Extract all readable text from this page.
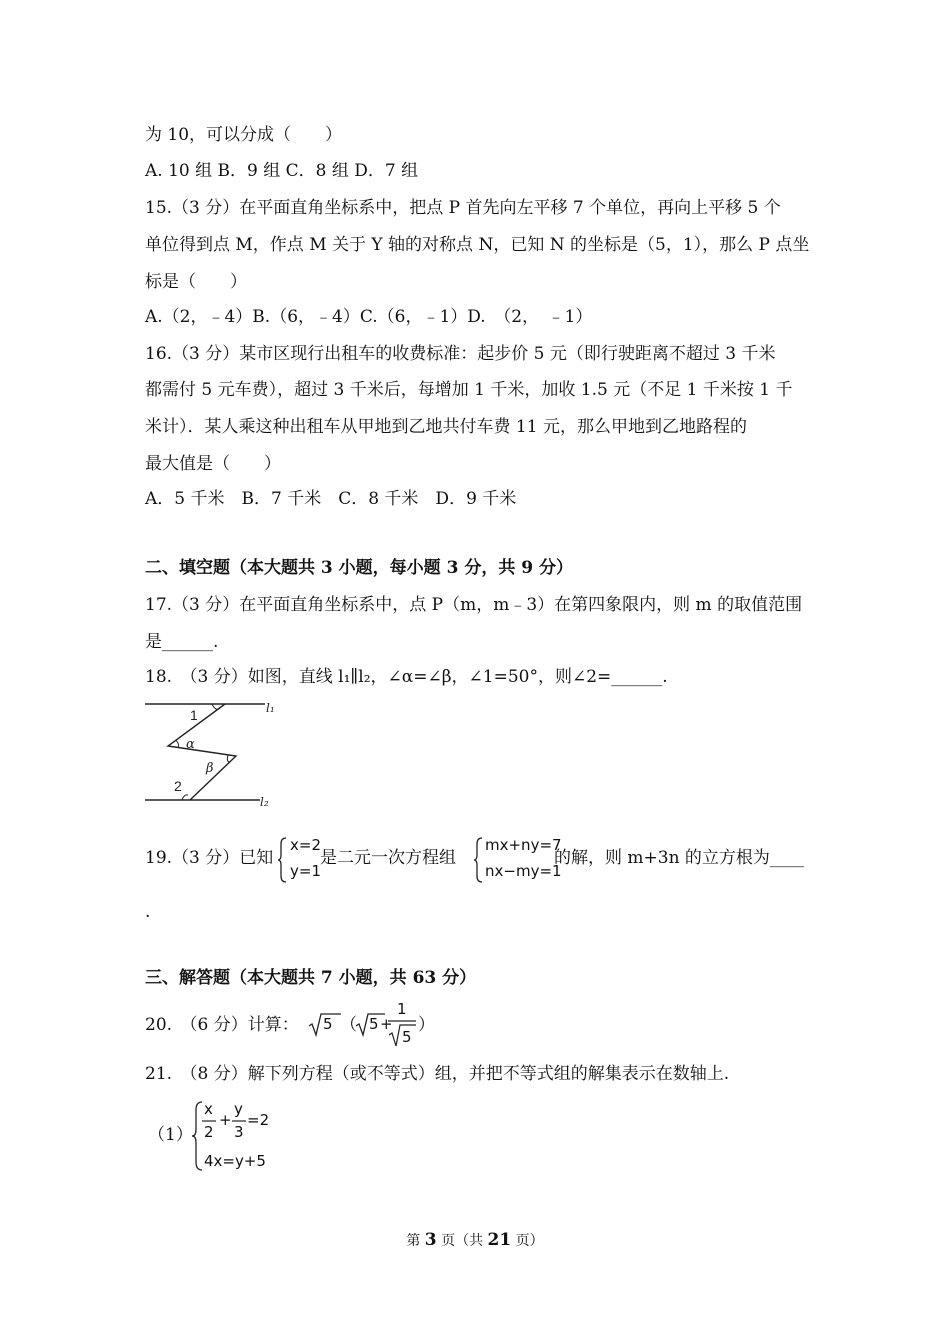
为 10，可以分成（　　）
A. 10 组 B．9 组 C．8 组 D．7 组
15.（3 分）在平面直角坐标系中，把点 P 首先向左平移 7 个单位，再向上平移 5 个
单位得到点 M，作点 M 关于 Y 轴的对称点 N，已知 N 的坐标是（5，1），那么 P 点坐
标是（　　）
A.（2，﹣4）B.（6，﹣4）C.（6，﹣1）D.　（2，　﹣1）
16.（3 分）某市区现行出租车的收费标准：起步价 5 元（即行驶距离不超过 3 千米
都需付 5 元车费），超过 3 千米后，每增加 1 千米，加收 1.5 元（不足 1 千米按 1 千
米计）．某人乘这种出租车从甲地到乙地共付车费 11 元，那么甲地到乙地路程的
最大值是（　　）
A．5 千米　B．7 千米　C．8 千米　D．9 千米
二、填空题（本大题共 3 小题，每小题 3 分，共 9 分）
17.（3 分）在平面直角坐标系中，点 P（m，m﹣3）在第四象限内，则 m 的取值范围
是______.
18.　（3 分）如图，直线 l₁∥l₂，∠α=∠β，∠1=50°，则∠2=______.
1
α
β
2
l₁
l₂
19.（3 分）已知
x=2
y=1
是二元一次方程组
mx+ny=7
nx−my=1
的解，则 m+3n 的立方根为____
.
三、解答题（本大题共 7 小题，共 63 分）
20.　（6 分）计算： 5 （ 5 +
1
5
）
21.　（8 分）解下列方程（或不等式）组，并把不等式组的解集表示在数轴上.
（1）
x
2
+
y
3
=2
4x=y+5
第 3 页（共 21 页）
